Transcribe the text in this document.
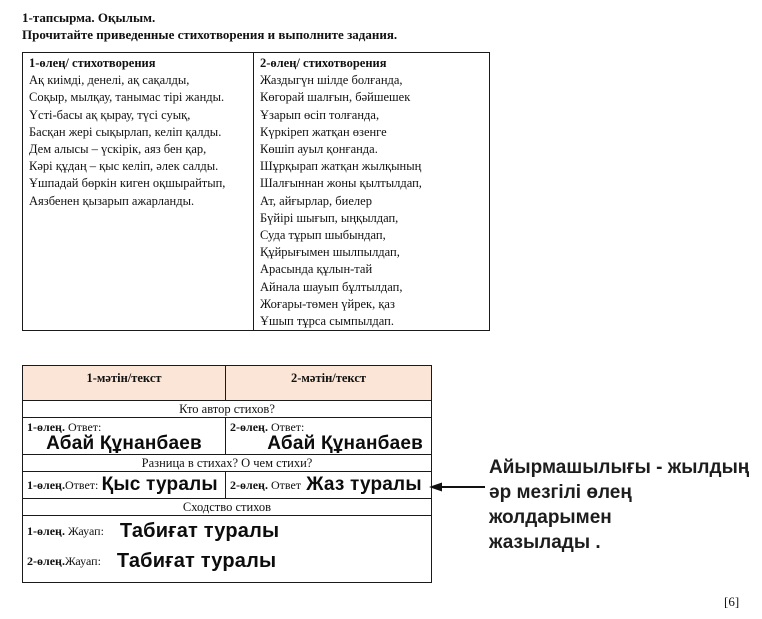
1-тапсырма. Оқылым.
Прочитайте приведенные стихотворения и выполните задания.
1-өлең/ стихотворения
Ақ киімді, денелі, ақ сақалды,
Соқыр, мылқау, танымас тірі жанды.
Үсті-басы ақ қырау, түсі суық,
Басқан жері сықырлап, келіп қалды.
Дем алысы – үскірік, аяз бен қар,
Кәрі құдаң – қыс келіп, әлек салды.
Ұшпадай бөркін киген оқшырайтып,
Аязбенен қызарып ажарланды.
2-өлең/ стихотворения
Жаздыгүн шілде болғанда,
Көгорай шалғын, бәйшешек
Ұзарып өсіп толғанда,
Күркіреп жатқан өзенге
Көшіп ауыл қонғанда.
Шұрқырап жатқан жылқының
Шалғыннан жоны қылтылдап,
Ат, айғырлар, биелер
Бүйірі шығып, ыңқылдап,
Суда тұрып шыбындап,
Құйрығымен шылпылдап,
Арасында құлын-тай
Айнала шауып бұлтылдап,
Жоғары-төмен үйрек, қаз
Ұшып тұрса сымпылдап.
1-мәтін/текст	2-мәтін/текст
Кто автор стихов?
1-өлең. Ответ:
Абай Құнанбаев
2-өлең. Ответ:
Абай Құнанбаев
Разница в стихах? О чем стихи?
1-өлең.Ответ: Қыс туралы 2-өлең. Ответ Жаз туралы
Сходство стихов
1-өлең. Жауап: Табиғат туралы
2-өлең.Жауап: Табиғат туралы
Айырмашылығы - жылдың
әр мезгілі өлең жолдарымен
жазылады .
[6]
